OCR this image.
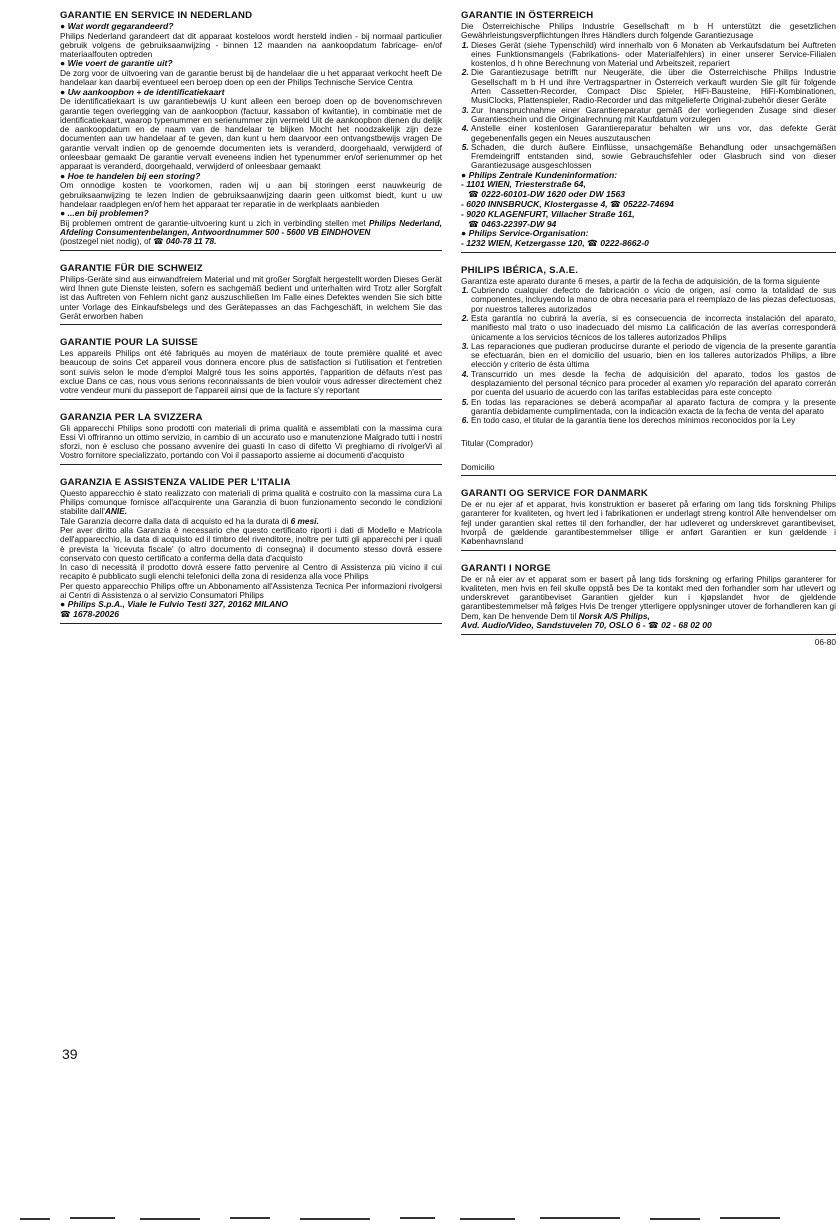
GARANTIE EN SERVICE IN NEDERLAND
● Wat wordt gegarandeerd?

Philips Nederland garandeert dat dit apparaat kosteloos wordt hersteld indien - bij normaal particulier gebruik volgens de gebruiksaanwijzing - binnen 12 maanden na aankoopdatum fabricage- en/of materiaalfouten optreden

● Wie voert de garantie uit?

De zorg voor de uitvoering van de garantie berust bij de handelaar die u het apparaat verkocht heeft De handelaar kan daarbij eventueel een beroep doen op een der Philips Technische Service Centra

● Uw aankoopbon + de identificatiekaart

De identificatiekaart is uw garantiebewijs U kunt alleen een beroep doen op de bovenomschreven garantie tegen overlegging van de aankoopbon (factuur, kassabon of kwitantie), in combinatie met de identificatiekaart, waarop typenummer en serienummer zijn vermeld Uit de aankoopbon dienen du delijk de aankoopdatum en de naam van de handelaar te blijken Mocht het noodzakelijk zijn deze documenten aan uw handelaar af te geven, dan kunt u hem daarvoor een ontvangstbewijs vragen De garantie vervalt indien op de genoemde documenten iets is veranderd, doorgehaald, verwijderd of onleesbaar gemaakt De garantie vervalt eveneens indien het typenummer en/of serienummer op het apparaat is veranderd, doorgehaald, verwijderd of onleesbaar gemaakt

● Hoe te handelen bij een storing?

Om onnodige kosten te voorkomen, raden wij u aan bij storingen eerst nauwkeurig de gebruiksaanwijzing te lezen Indien de gebruiksaanwijzing daarin geen uitkomst biedt, kunt u uw handelaar raadplegen en/of hem het apparaat ter reparatie in de werkplaats aanbieden

● ...en bij problemen?

Bij problemen omtrent de garantie-uitvoering kunt u zich in verbinding stellen met Philips Nederland, Afdeling Consumentenbelangen, Antwoordnummer 500 - 5600 VB EINDHOVEN
(postzegel niet nodig), of ☎ 040-78 11 78.

GARANTIE FÜR DIE SCHWEIZ

Philips-Geräte sind aus einwandfreiem Material und mit großer Sorgfalt hergestellt worden Dieses Gerät wird Ihnen gute Dienste leisten, sofern es sachgemäß bedient und unterhalten wird Trotz aller Sorgfalt ist das Auftreten von Fehlern nicht ganz auszuschließen Im Falle eines Defektes wenden Sie sich bitte unter Vorlage des Einkaufsbelegs und des Gerätepasses an das Fachgeschäft, in welchem Sie das Gerät erworben haben

GARANTIE POUR LA SUISSE

Les appareils Philips ont été fabriqués au moyen de matériaux de toute première qualité et avec beaucoup de soins Cet appareil vous donnera encore plus de satisfaction si l'utilisation et l'entretien sont suivis selon le mode d'emploi Malgré tous les soins apportés, l'apparition de défauts n'est pas exclue Dans ce cas, nous vous serions reconnaissants de bien vouloir vous adresser directement chez votre vendeur muni du passeport de l'appareil ainsi que de la facture s'y reportant

GARANZIA PER LA SVIZZERA

Gli apparecchi Philips sono prodotti con materiali di prima qualità e assemblati con la massima cura Essi Vi offriranno un ottimo servizio, in cambio di un accurato uso e manutenzione Malgrado tutti i nostri sforzi, non è escluso che possano avvenire dei guasti In caso di difetto Vi preghiamo di rivolgerVi al Vostro fornitore specializzato, portando con Voi il passaporto assieme ai documenti d'acquisto

GARANZIA E ASSISTENZA VALIDE PER L'ITALIA

Questo apparecchio è stato realizzato con materiali di prima qualità e costruito con la massima cura La Philips comunque fornisce all'acquirente una Garanzia di buon funzionamento secondo le condizioni stabilite dall'ANIE.

Tale Garanzia decorre dalla data di acquisto ed ha la durata di 6 mesi.

Per aver diritto alla Garanzia è necessario che questo certificato riporti i dati di Modello e Matricola dell'apparecchio, la data di acquisto ed il timbro del rivenditore, inoltre per tutti gli apparecchi per i quali è prevista la 'ricevuta fiscale' (o altro documento di consegna) il documento stesso dovrà essere conservato con questo certificato a conferma della data d'acquisto

In caso di necessità il prodotto dovrà essere fatto pervenire al Centro di Assistenza più vicino il cui recapito è pubblicato sugli elenchi telefonici della zona di residenza alla voce Philips

Per questo apparecchio Philips offre un Abbonamento all'Assistenza Tecnica Per informazioni rivolgersi ai Centri di Assistenza o al servizio Consumatori Philips

● Philips S.p.A., Viale le Fulvio Testi 327, 20162 MILANO
☎ 1678-20026
GARANTIE IN ÖSTERREICH

Die Österreichische Philips Industrie Gesellschaft m b H unterstützt die gesetzlichen Gewährleistungsverpflichtungen Ihres Händlers durch folgende Garantiezusage

1. Dieses Gerät (siehe Typenschild) wird innerhalb von 6 Monaten ab Verkaufsdatum bei Auftreten eines Funktionsmangels (Fabrikations- oder Materialfehlers) in einer unserer Service-Filialen kostenlos, d h ohne Berechnung von Material und Arbeitszeit, repariert
2. Die Garantiezusage betrifft nur Neugeräte, die über die Österreichische Philips Industrie Gesellschaft m b H und ihre Vertragspartner in Österreich verkauft wurden Sie gilt für folgende Arten Cassetten-Recorder, Compact Disc Spieler, HiFi-Bausteine, HiFi-Kombinationen, MusiClocks, Plattenspieler, Radio-Recorder und das mitgelieferte Original-zubehör dieser Geräte
3. Zur Inanspruchnahme einer Garantiereparatur gemäß der vorliegenden Zusage sind dieser Garantieschein und die Originalrechnung mit Kaufdatum vorzulegen
4. Anstelle einer kostenlosen Garantiereparatur behalten wir uns vor, das defekte Gerät gegebenenfalls gegen ein Neues auszutauschen
5. Schaden, die durch äußere Einflüsse, unsachgemäße Behandlung oder unsachgemäßen Fremdeingriff entstanden sind, sowie Gebrauchsfehler oder Glasbruch sind von dieser Garantiezusage ausgeschlossen
● Philips Zentrale Kundeninformation:
- 1101 WIEN, Triesterstraße 64,
☎ 0222-60101-DW 1620 oder DW 1563
- 6020 INNSBRUCK, Klostergasse 4, ☎ 05222-74694
- 9020 KLAGENFURT, Villacher Straße 161,
☎ 0463-22397-DW 94
● Philips Service-Organisation:
- 1232 WIEN, Ketzergasse 120, ☎ 0222-8662-0
PHILIPS IBÉRICA, S.A.E.

Garantiza este aparato durante 6 meses, a partir de la fecha de adquisición, de la forma siguiente

1. Cubriendo cualquier defecto de fabricación o vicio de origen, así como la totalidad de sus componentes, incluyendo la mano de obra necesaria para el reemplazo de las piezas defectuosas, por nuestros talleres autorizados
2. Esta garantía no cubrirá la avería, si es consecuencia de incorrecta instalación del aparato, manifiesto mal trato o uso inadecuado del mismo La calificación de las averías corresponderá únicamente a los servicios técnicos de los talleres autorizados Philips
3. Las reparaciones que pudieran producirse durante el periodo de vigencia de la presente garantía se efectuarán, bien en el domicilio del usuario, bien en los talleres autorizados Philips, a libre elección y criterio de ésta última
4. Transcurrido un mes desde la fecha de adquisición del aparato, todos los gastos de desplazamiento del personal técnico para proceder al examen y/o reparación del aparato correrán por cuenta del usuario de acuerdo con las tarifas establecidas para este concepto
5. En todas las reparaciones se deberá acompañar al aparato factura de compra y la presente garantía debidamente cumplimentada, con la indicación exacta de la fecha de venta del aparato
6. En todo caso, el titular de la garantía tiene los derechos mínimos reconocidos por la Ley

Titular (Comprador)

Domicilio

GARANTI OG SERVICE FOR DANMARK

De er nu ejer af et apparat, hvis konstruktion er baseret på erfaring om lang tids forskning Philips garanterer for kvaliteten, og hvert led i fabrikationen er underlagt streng kontrol Alle henvendelser om fejl under garantien skal rettes til den forhandler, der har udleveret og underskrevet garantibeviset, hvorpå de gældende garantibestemmelser tillige er anført Garantien er kun gældende i Københavnsland

GARANTI I NORGE

De er nå eier av et apparat som er basert på lang tids forskning og erfaring Philips garanterer for kvaliteten, men hvis en feil skulle oppstå bes De ta kontakt med den forhandler som har utlevert og underskrevet garantibeviset Garantien gjelder kun i kjøpslandet hvor de gjeldende garantibestemmelser må følges Hvis De trenger ytterligere opplysninger utover de forhandleren kan gi Dem, kan De henvende Dem til Norsk A/S Philips,

Avd. Audio/Video, Sandstuvelen 70, OSLO 6 - ☎ 02 - 68 02 00
06-80
39
